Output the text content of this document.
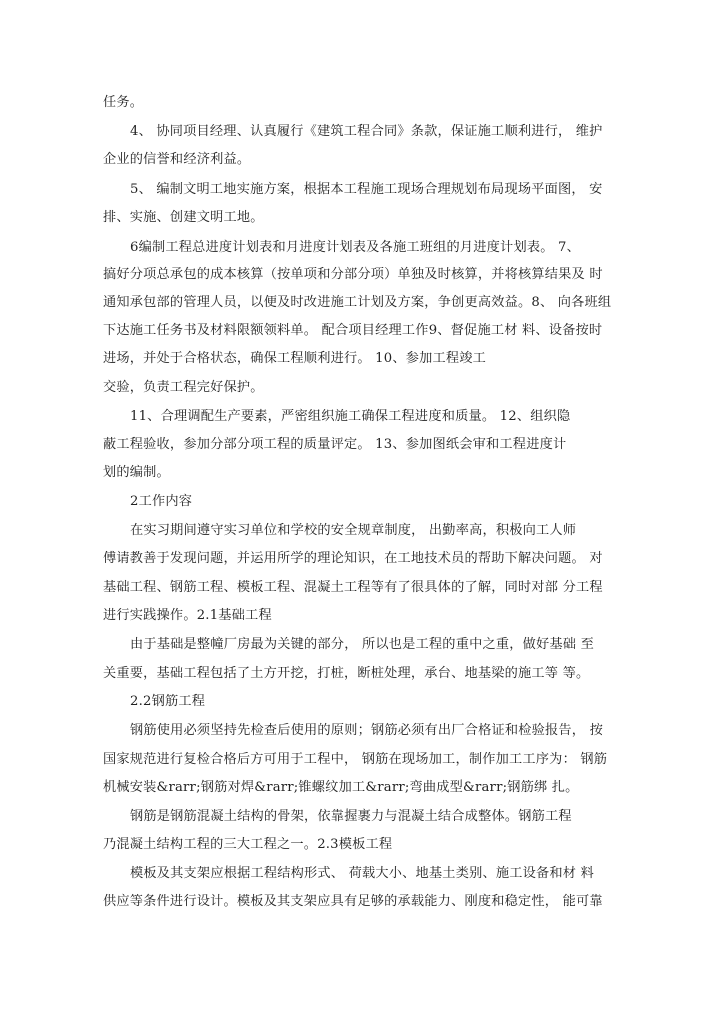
任务。
4、 协同项目经理、认真履行《建筑工程合同》条款，保证施工顺利进行， 维护
企业的信誉和经济利益。
5、 编制文明工地实施方案，根据本工程施工现场合理规划布局现场平面图， 安
排、实施、创建文明工地。
6编制工程总进度计划表和月进度计划表及各施工班组的月进度计划表。 7、
搞好分项总承包的成本核算（按单项和分部分项）单独及时核算，并将核算结果及 时
通知承包部的管理人员，以便及时改进施工计划及方案，争创更高效益。8、 向各班组
下达施工任务书及材料限额领料单。 配合项目经理工作9、督促施工材 料、设备按时
进场，并处于合格状态，确保工程顺利进行。 10、参加工程竣工
交验，负责工程完好保护。
11、合理调配生产要素，严密组织施工确保工程进度和质量。 12、组织隐
蔽工程验收，参加分部分项工程的质量评定。 13、参加图纸会审和工程进度计
划的编制。
2工作内容
在实习期间遵守实习单位和学校的安全规章制度， 出勤率高，积极向工人师
傅请教善于发现问题，并运用所学的理论知识，在工地技术员的帮助下解决问题。 对
基础工程、钢筋工程、模板工程、混凝土工程等有了很具体的了解，同时对部 分工程
进行实践操作。2.1基础工程
由于基础是整幢厂房最为关键的部分， 所以也是工程的重中之重，做好基础 至
关重要，基础工程包括了土方开挖，打桩，断桩处理，承台、地基梁的施工等 等。
2.2钢筋工程
钢筋使用必须坚持先检查后使用的原则；钢筋必须有出厂合格证和检验报告， 按
国家规范进行复检合格后方可用于工程中， 钢筋在现场加工，制作加工工序为： 钢筋
机械安装&rarr;钢筋对焊&rarr;锥螺纹加工&rarr;弯曲成型&rarr;钢筋绑 扎。
钢筋是钢筋混凝土结构的骨架，依靠握裹力与混凝土结合成整体。钢筋工程
乃混凝土结构工程的三大工程之一。2.3模板工程
模板及其支架应根据工程结构形式、 荷载大小、地基土类别、施工设备和材 料
供应等条件进行设计。模板及其支架应具有足够的承载能力、刚度和稳定性， 能可靠
